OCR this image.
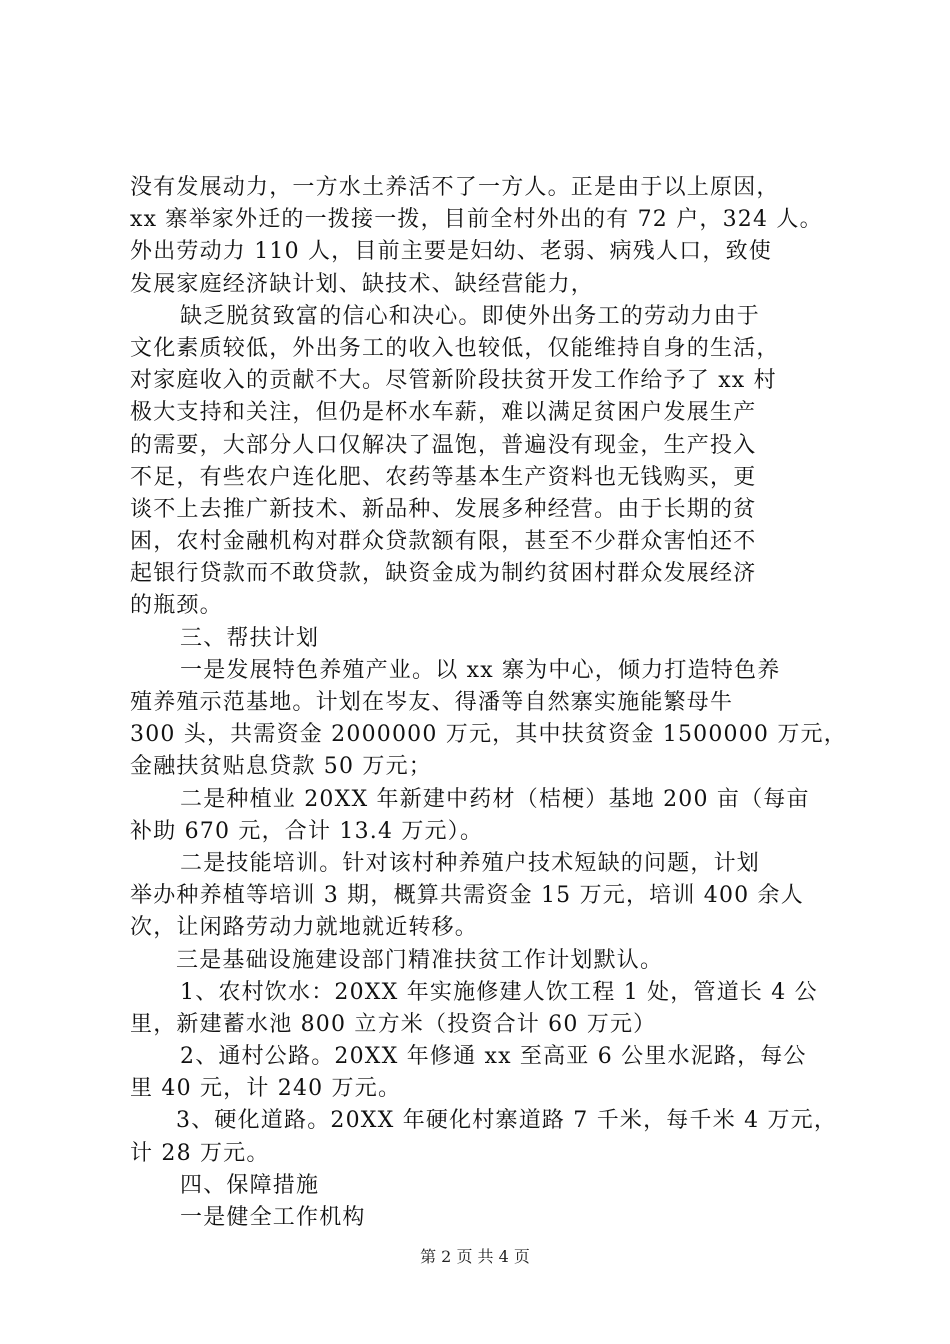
没有发展动力，一方水土养活不了一方人。正是由于以上原因，
xx 寨举家外迁的一拨接一拨，目前全村外出的有 72 户，324 人。
外出劳动力 110 人，目前主要是妇幼、老弱、病残人口，致使
发展家庭经济缺计划、缺技术、缺经营能力，
缺乏脱贫致富的信心和决心。即使外出务工的劳动力由于
文化素质较低，外出务工的收入也较低，仅能维持自身的生活，
对家庭收入的贡献不大。尽管新阶段扶贫开发工作给予了 xx 村
极大支持和关注，但仍是杯水车薪，难以满足贫困户发展生产
的需要，大部分人口仅解决了温饱，普遍没有现金，生产投入
不足，有些农户连化肥、农药等基本生产资料也无钱购买，更
谈不上去推广新技术、新品种、发展多种经营。由于长期的贫
困，农村金融机构对群众贷款额有限，甚至不少群众害怕还不
起银行贷款而不敢贷款，缺资金成为制约贫困村群众发展经济
的瓶颈。
三、帮扶计划
一是发展特色养殖产业。以 xx 寨为中心，倾力打造特色养
殖养殖示范基地。计划在岑友、得潘等自然寨实施能繁母牛
300 头，共需资金 2000000 万元，其中扶贫资金 1500000 万元，
金融扶贫贴息贷款 50 万元；
二是种植业 20XX 年新建中药材（桔梗）基地 200 亩（每亩
补助 670 元，合计 13.4 万元）。
二是技能培训。针对该村种养殖户技术短缺的问题，计划
举办种养植等培训 3 期，概算共需资金 15 万元，培训 400 余人
次，让闲路劳动力就地就近转移。
三是基础设施建设部门精准扶贫工作计划默认。
1、农村饮水：20XX 年实施修建人饮工程 1 处，管道长 4 公
里，新建蓄水池 800 立方米（投资合计 60 万元）
2、通村公路。20XX 年修通 xx 至高亚 6 公里水泥路，每公
里 40 元，计 240 万元。
3、硬化道路。20XX 年硬化村寨道路 7 千米，每千米 4 万元，
计 28 万元。
四、保障措施
一是健全工作机构
第 2 页 共 4 页
